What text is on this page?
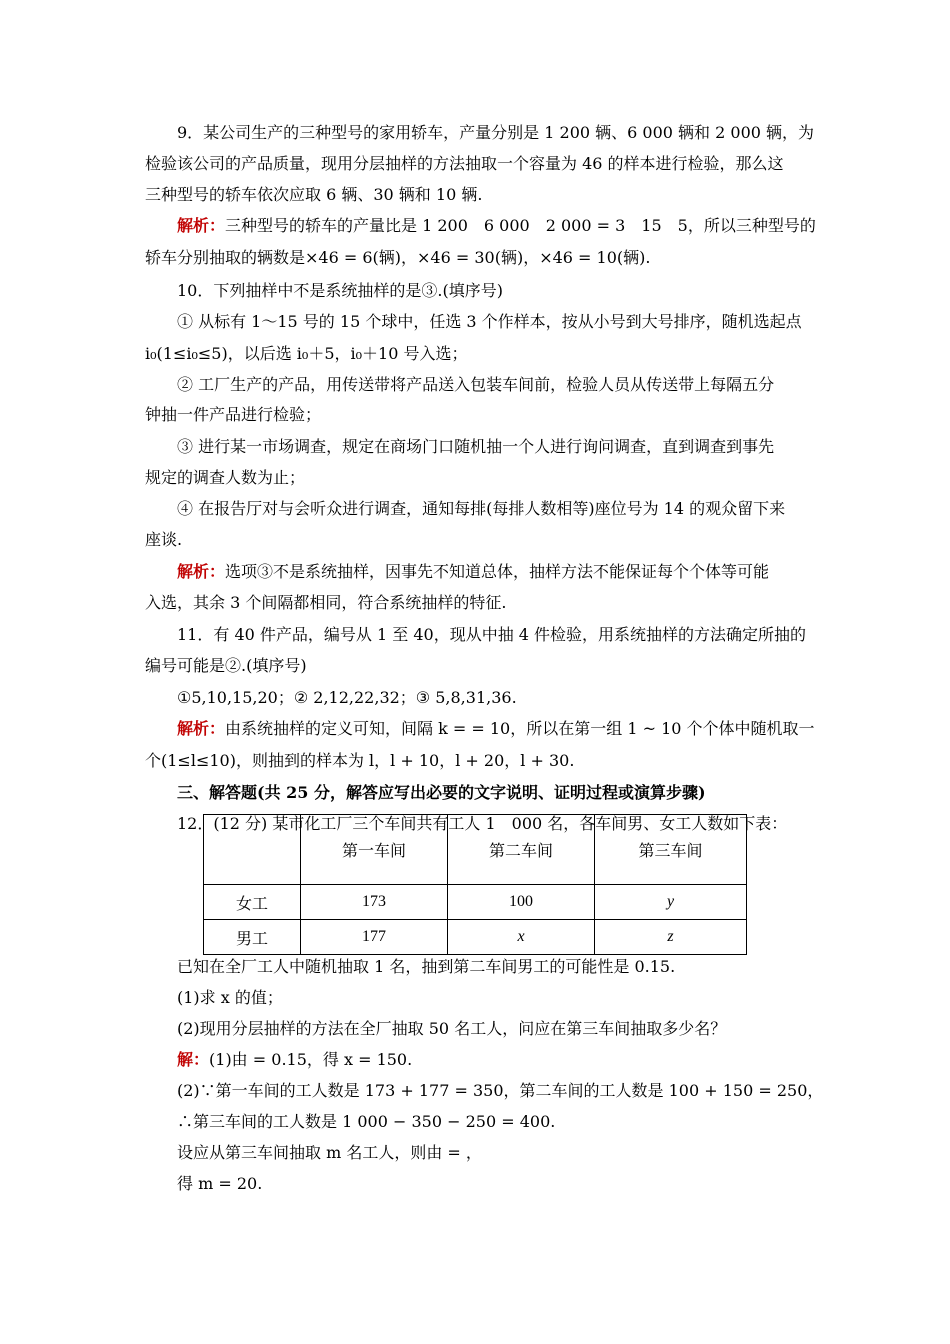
9．某公司生产的三种型号的家用轿车，产量分别是 1 200 辆、6 000 辆和 2 000 辆，为
检验该公司的产品质量，现用分层抽样的方法抽取一个容量为 46 的样本进行检验，那么这
三种型号的轿车依次应取 6 辆、30 辆和 10 辆.
解析：三种型号的轿车的产量比是 1 200　6 000　2 000 = 3　15　5，所以三种型号的
轿车分别抽取的辆数是×46 = 6(辆)，×46 = 30(辆)，×46 = 10(辆).
10．下列抽样中不是系统抽样的是③.(填序号)
① 从标有 1～15 号的 15 个球中，任选 3 个作样本，按从小号到大号排序，随机选起点
i₀(1≤i₀≤5)，以后选 i₀＋5，i₀＋10 号入选；
② 工厂生产的产品，用传送带将产品送入包装车间前，检验人员从传送带上每隔五分
钟抽一件产品进行检验；
③ 进行某一市场调查，规定在商场门口随机抽一个人进行询问调查，直到调查到事先
规定的调查人数为止；
④ 在报告厅对与会听众进行调查，通知每排(每排人数相等)座位号为 14 的观众留下来
座谈.
解析：选项③不是系统抽样，因事先不知道总体，抽样方法不能保证每个个体等可能
入选，其余 3 个间隔都相同，符合系统抽样的特征.
11．有 40 件产品，编号从 1 至 40，现从中抽 4 件检验，用系统抽样的方法确定所抽的
编号可能是②.(填序号)
①5,10,15,20；② 2,12,22,32；③ 5,8,31,36.
解析：由系统抽样的定义可知，间隔 k = = 10，所以在第一组 1 ~ 10 个个体中随机取一
个(1≤l≤10)，则抽到的样本为 l，l + 10，l + 20，l + 30.
三、解答题(共 25 分，解答应写出必要的文字说明、证明过程或演算步骤)
12．(12 分) 某市化工厂三个车间共有工人 1　000 名，各车间男、女工人数如下表：
	第一车间	第二车间	第三车间
女工	173	100	y
男工	177	x	z
已知在全厂工人中随机抽取 1 名，抽到第二车间男工的可能性是 0.15.
(1)求 x 的值；
(2)现用分层抽样的方法在全厂抽取 50 名工人，问应在第三车间抽取多少名？
解：(1)由 = 0.15，得 x = 150.
(2)∵第一车间的工人数是 173 + 177 = 350，第二车间的工人数是 100 + 150 = 250，
∴第三车间的工人数是 1 000 − 350 − 250 = 400.
设应从第三车间抽取 m 名工人，则由 = ，
得 m = 20.
